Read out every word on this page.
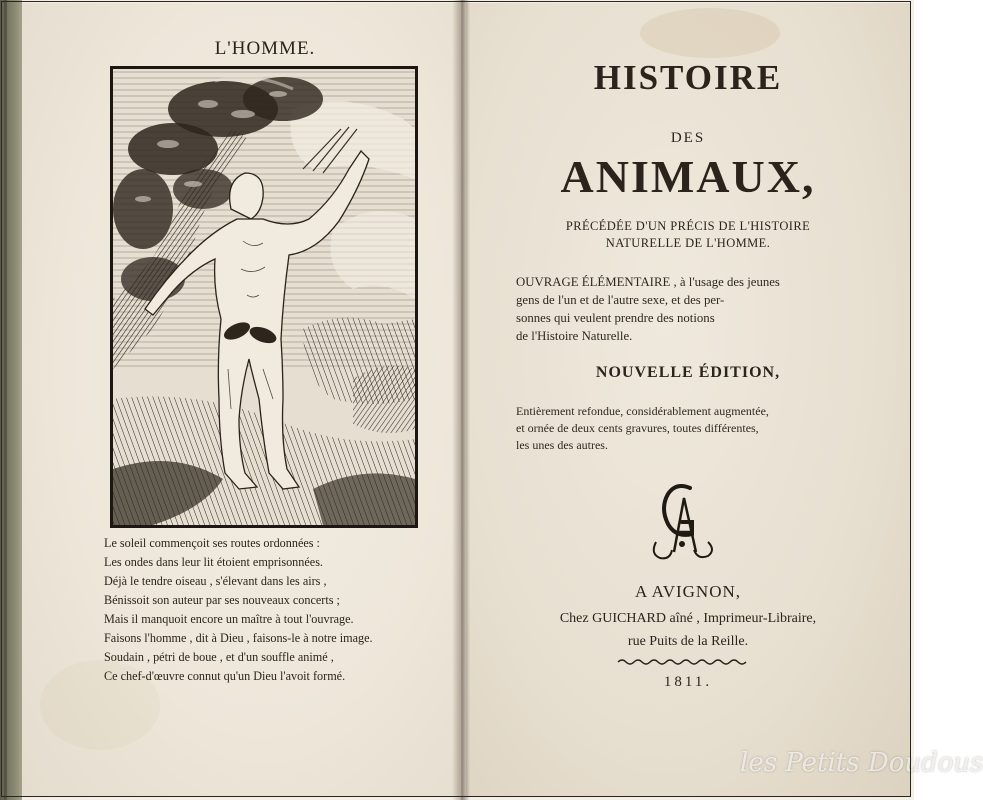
L'HOMME.
Le soleil commençoit ses routes ordonnées :
Les ondes dans leur lit étoient emprisonnées.
Déjà le tendre oiseau , s'élevant dans les airs ,
Bénissoit son auteur par ses nouveaux concerts ;
Mais il manquoit encore un maître à tout l'ouvrage.
Faisons l'homme , dit à Dieu , faisons-le à notre image.
Soudain , pétri de boue , et d'un souffle animé ,
Ce chef-d'œuvre connut qu'un Dieu l'avoit formé.
HISTOIRE
DES
ANIMAUX,
PRÉCÉDÉE D'UN PRÉCIS DE L'HISTOIRE
NATURELLE DE L'HOMME.
OUVRAGE ÉLÉMENTAIRE , à l'usage des jeunes
gens de l'un et de l'autre sexe, et des per-
sonnes qui veulent prendre des notions
de l'Histoire Naturelle.
NOUVELLE ÉDITION,
Entièrement refondue, considérablement augmentée,
et ornée de deux cents gravures, toutes différentes,
les unes des autres.
A AVIGNON,
Chez GUICHARD aîné , Imprimeur-Libraire,
rue Puits de la Reille.
1811.
les Petits Doudous
